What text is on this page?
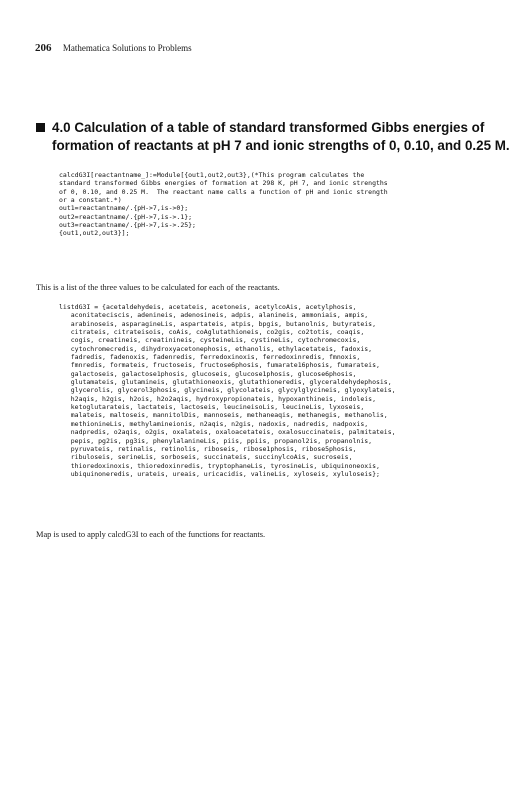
206 Mathematica Solutions to Problems
4.0 Calculation of a table of standard transformed Gibbs energies of
formation of reactants at pH 7 and ionic strengths of 0, 0.10, and 0.25 M.
calcdG3I[reactantname_]:=Module[{out1,out2,out3},(*This program calculates the
standard transformed Gibbs energies of formation at 298 K, pH 7, and ionic strengths
of 0, 0.10, and 0.25 M.  The reactant name calls a function of pH and ionic strength
or a constant.*)
out1=reactantname/.{pH->7,is->0};
out2=reactantname/.{pH->7,is->.1};
out3=reactantname/.{pH->7,is->.25};
{out1,out2,out3}];
This is a list of the three values to be calculated for each of the reactants.
listdG3I = {acetaldehydeis, acetateis, acetoneis, acetylcoAis, acetylphosis,
aconitateciscis, adenineis, adenosineis, adpis, alanineis, ammoniais, ampis,
arabinoseis, asparagineLis, aspartateis, atpis, bpgis, butanolnis, butyrateis,
citrateis, citrateisois, coAis, coAglutathioneis, co2gis, co2totis, coaqis,
cogis, creatineis, creatinineis, cysteineLis, cystineLis, cytochromecoxis,
cytochromecredis, dihydroxyacetonephosis, ethanolis, ethylacetateis, fadoxis,
fadredis, fadenoxis, fadenredis, ferredoxinoxis, ferredoxinredis, fmnoxis,
fmnredis, formateis, fructoseis, fructose6phosis, fumarate16phosis, fumarateis,
galactoseis, galactose1phosis, glucoseis, glucose1phosis, glucose6phosis,
glutamateis, glutamineis, glutathioneoxis, glutathioneredis, glyceraldehydephosis,
glycerolis, glycerol3phosis, glycineis, glycolateis, glycylglycineis, glyoxylateis,
h2aqis, h2gis, h2ois, h2o2aqis, hydroxypropionateis, hypoxanthineis, indoleis,
ketoglutarateis, lactateis, lactoseis, leucineisoLis, leucineLis, lyxoseis,
malateis, maltoseis, mannitolDis, mannoseis, methaneaqis, methanegis, methanolis,
methionineLis, methylamineionis, n2aqis, n2gis, nadoxis, nadredis, nadpoxis,
nadpredis, o2aqis, o2gis, oxalateis, oxaloacetateis, oxalosuccinateis, palmitateis,
pepis, pg2is, pg3is, phenylalanineLis, piis, ppiis, propanol2is, propanolnis,
pyruvateis, retinalis, retinolis, riboseis, ribose1phosis, ribose5phosis,
ribuloseis, serineLis, sorboseis, succinateis, succinylcoAis, sucroseis,
thioredoxinoxis, thioredoxinredis, tryptophaneLis, tyrosineLis, ubiquinoneoxis,
ubiquinoneredis, urateis, ureais, uricacidis, valineLis, xyloseis, xyluloseis};

Map is used to apply calcdG3I to each of the functions for reactants.
